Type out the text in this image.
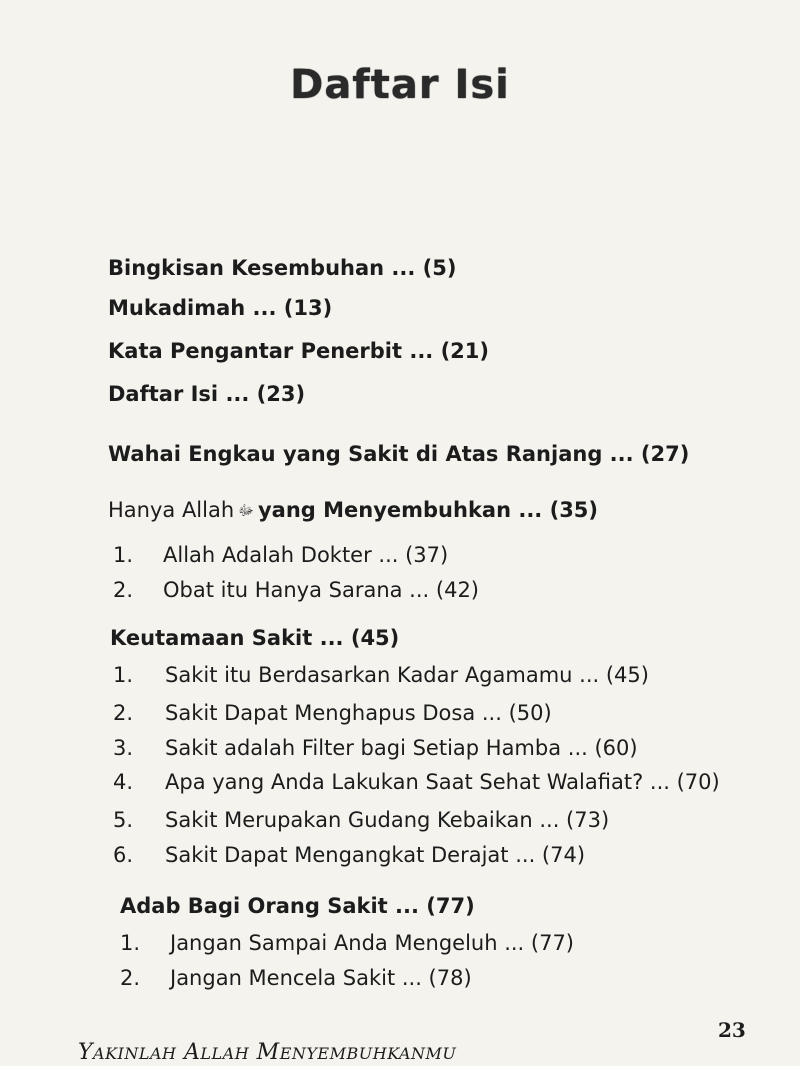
Daftar Isi
Bingkisan Kesembuhan ... (5)
Mukadimah ... (13)
Kata Pengantar Penerbit ... (21)
Daftar Isi ... (23)
Wahai Engkau yang Sakit di Atas Ranjang ... (27)
Hanya Allah ﷻ yang Menyembuhkan ... (35)
1. Allah Adalah Dokter ... (37)
2. Obat itu Hanya Sarana ... (42)
Keutamaan Sakit ... (45)
1. Sakit itu Berdasarkan Kadar Agamamu ... (45)
2. Sakit Dapat Menghapus Dosa ... (50)
3. Sakit adalah Filter bagi Setiap Hamba ... (60)
4. Apa yang Anda Lakukan Saat Sehat Walafiat? ... (70)
5. Sakit Merupakan Gudang Kebaikan ... (73)
6. Sakit Dapat Mengangkat Derajat ... (74)
Adab Bagi Orang Sakit ... (77)
1. Jangan Sampai Anda Mengeluh ... (77)
2. Jangan Mencela Sakit ... (78)
23
YAKINLAH ALLAH MENYEMBUHKANMU
